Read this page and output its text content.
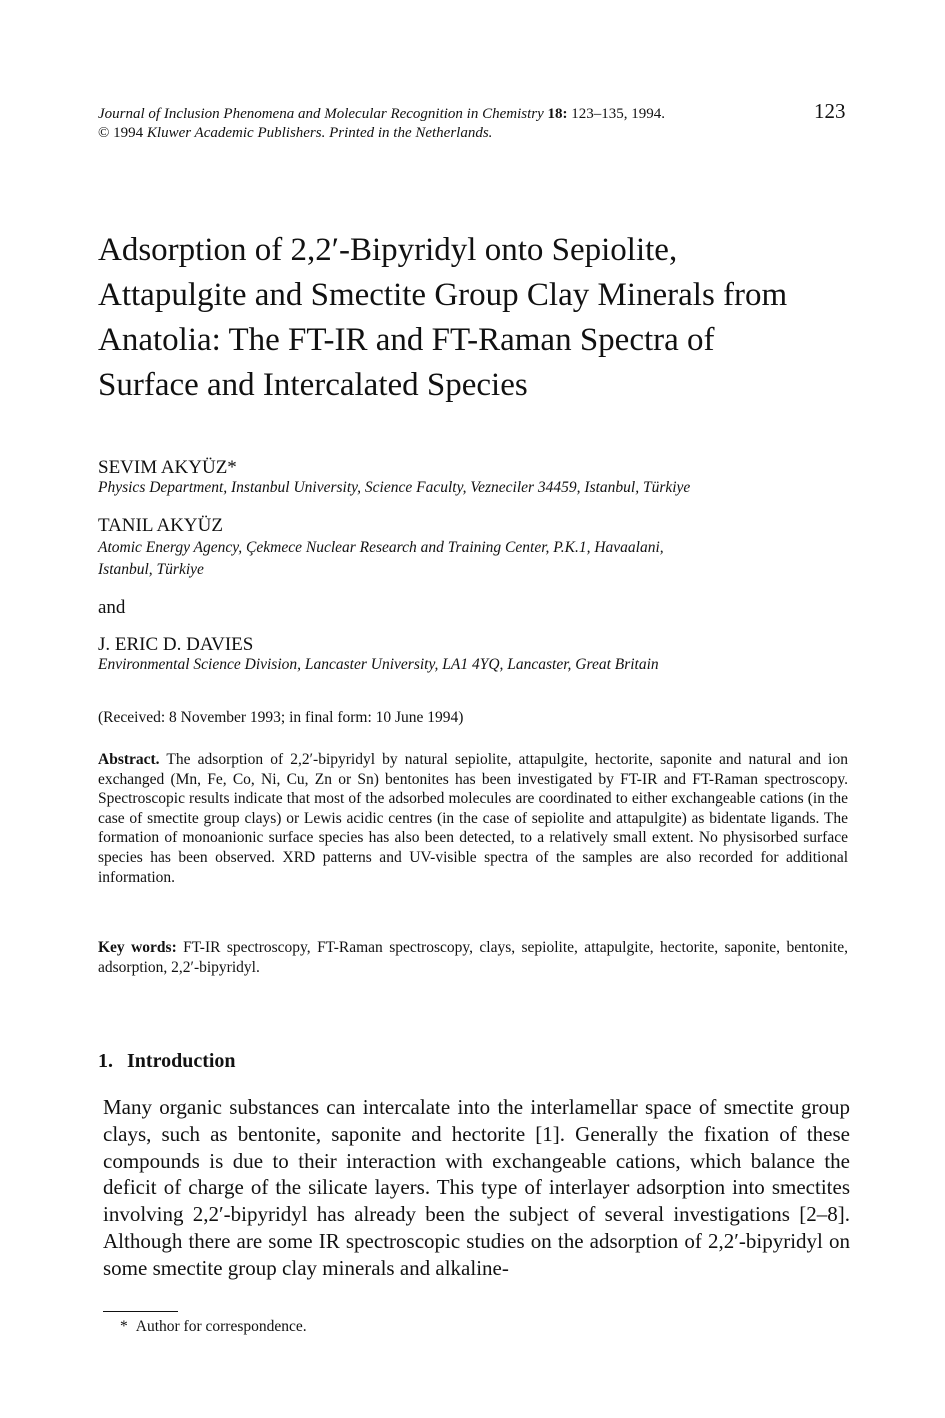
Journal of Inclusion Phenomena and Molecular Recognition in Chemistry 18: 123–135, 1994.
© 1994 Kluwer Academic Publishers. Printed in the Netherlands.
123
Adsorption of 2,2′-Bipyridyl onto Sepiolite,
Attapulgite and Smectite Group Clay Minerals from
Anatolia: The FT-IR and FT-Raman Spectra of
Surface and Intercalated Species
SEVIM AKYÜZ*
Physics Department, Instanbul University, Science Faculty, Vezneciler 34459, Istanbul, Türkiye
TANIL AKYÜZ
Atomic Energy Agency, Çekmece Nuclear Research and Training Center, P.K.1, Havaalani,
Istanbul, Türkiye
and
J. ERIC D. DAVIES
Environmental Science Division, Lancaster University, LA1 4YQ, Lancaster, Great Britain
(Received: 8 November 1993; in final form: 10 June 1994)

Abstract. The adsorption of 2,2′-bipyridyl by natural sepiolite, attapulgite, hectorite, saponite and natural and ion exchanged (Mn, Fe, Co, Ni, Cu, Zn or Sn) bentonites has been investigated by FT-IR and FT-Raman spectroscopy. Spectroscopic results indicate that most of the adsorbed molecules are coordinated to either exchangeable cations (in the case of smectite group clays) or Lewis acidic centres (in the case of sepiolite and attapulgite) as bidentate ligands. The formation of monoanionic surface species has also been detected, to a relatively small extent. No physisorbed surface species has been observed. XRD patterns and UV-visible spectra of the samples are also recorded for additional information.

Key words: FT-IR spectroscopy, FT-Raman spectroscopy, clays, sepiolite, attapulgite, hectorite, saponite, bentonite, adsorption, 2,2′-bipyridyl.

1. Introduction

Many organic substances can intercalate into the interlamellar space of smectite group clays, such as bentonite, saponite and hectorite [1]. Generally the fixation of these compounds is due to their interaction with exchangeable cations, which balance the deficit of charge of the silicate layers. This type of interlayer adsorption into smectites involving 2,2′-bipyridyl has already been the subject of several investigations [2–8]. Although there are some IR spectroscopic studies on the adsorption of 2,2′-bipyridyl on some smectite group clay minerals and alkaline-

* Author for correspondence.
